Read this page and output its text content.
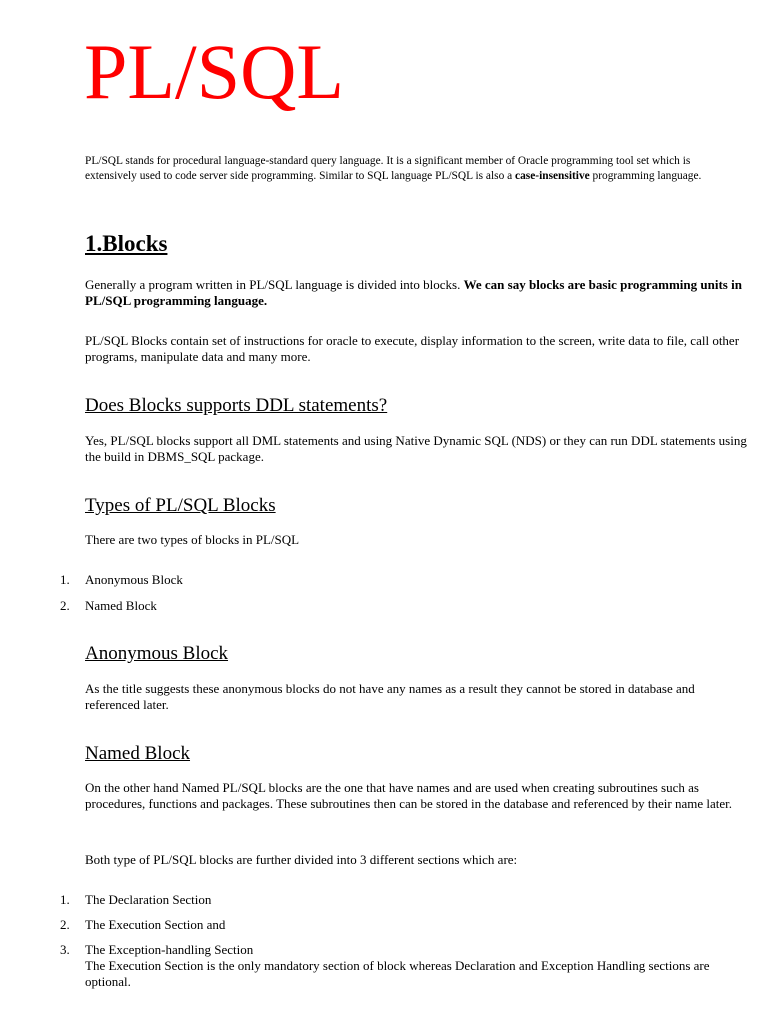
PL/SQL

PL/SQL stands for procedural language-standard query language. It is a significant member of Oracle programming tool set which is extensively used to code server side programming. Similar to SQL language PL/SQL is also a case-insensitive programming language.

1.Blocks

Generally a program written in PL/SQL language is divided into blocks. We can say blocks are basic programming units in PL/SQL programming language.

PL/SQL Blocks contain set of instructions for oracle to execute, display information to the screen, write data to file, call other programs, manipulate data and many more.

Does Blocks supports DDL statements?

Yes, PL/SQL blocks support all DML statements and using Native Dynamic SQL (NDS) or they can run DDL statements using the build in DBMS_SQL package.

Types of PL/SQL Blocks

There are two types of blocks in PL/SQL

1. Anonymous Block
2. Named Block
Anonymous Block

As the title suggests these anonymous blocks do not have any names as a result they cannot be stored in database and referenced later.

Named Block

On the other hand Named PL/SQL blocks are the one that have names and are used when creating subroutines such as procedures, functions and packages. These subroutines then can be stored in the database and referenced by their name later.

Both type of PL/SQL blocks are further divided into 3 different sections which are:

1. The Declaration Section
2. The Execution Section and
3. The Exception-handling Section
The Execution Section is the only mandatory section of block whereas Declaration and Exception Handling sections are optional.
